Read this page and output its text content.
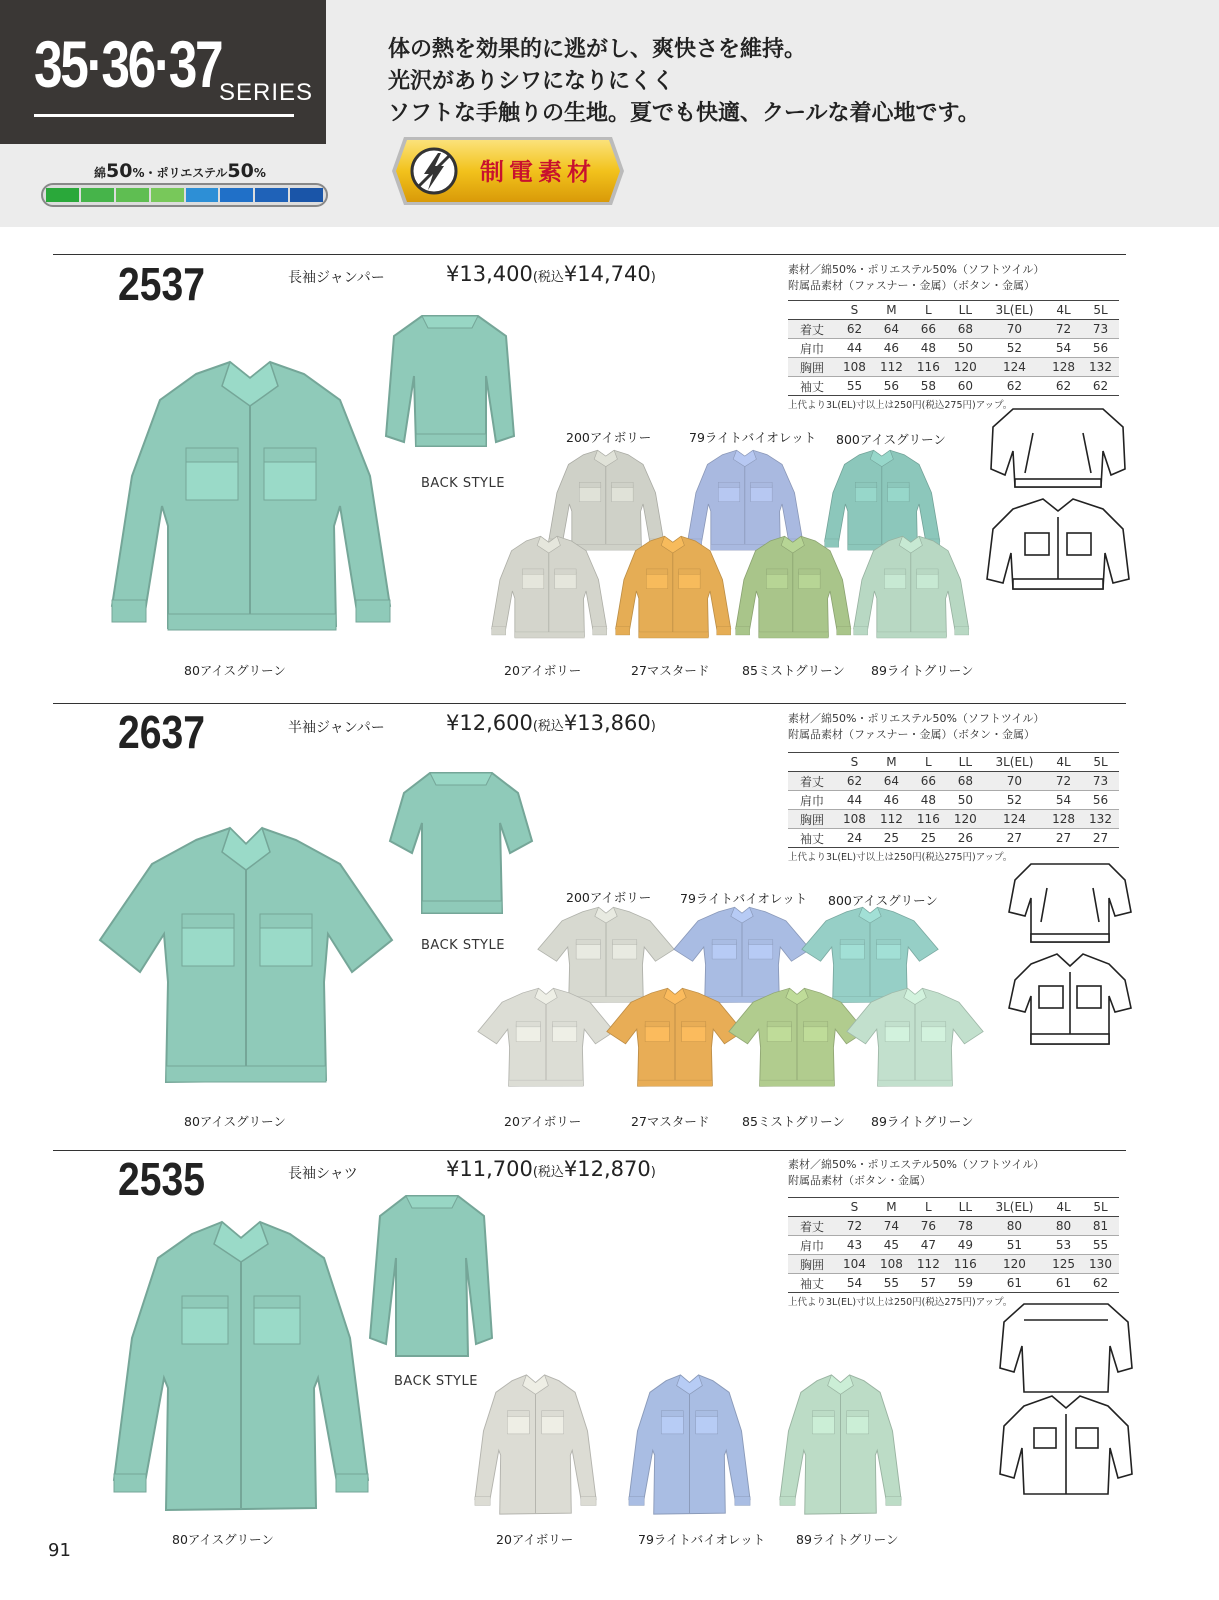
35·36·37
SERIES
綿50%・ポリエステル50%
体の熱を効果的に逃がし、爽快さを維持。
光沢がありシワになりにくく
ソフトな手触りの生地。夏でも快適、クールな着心地です。
制電素材
2537	長袖ジャンパー	¥13,400(税込¥14,740)
素材／綿50%・ポリエステル50%（ソフトツイル）
附属品素材（ファスナー・金属）（ボタン・金属）
	S	M	L	LL	3L(EL)	4L	5L
着丈	62	64	66	68	70	72	73
肩巾	44	46	48	50	52	54	56
胸囲	108	112	116	120	124	128	132
袖丈	55	56	58	60	62	62	62
上代より3L(EL)寸以上は250円(税込275円)アップ。
80アイスグリーン
BACK STYLE
200アイボリー	79ライトバイオレット 800アイスグリーン
20アイボリー	27マスタード	85ミストグリーン 89ライトグリーン
2637	半袖ジャンパー	¥12,600(税込¥13,860)
素材／綿50%・ポリエステル50%（ソフトツイル）
附属品素材（ファスナー・金属）（ボタン・金属）
	S	M	L	LL	3L(EL)	4L	5L
着丈	62	64	66	68	70	72	73
肩巾	44	46	48	50	52	54	56
胸囲	108	112	116	120	124	128	132
袖丈	24	25	25	26	27	27	27
上代より3L(EL)寸以上は250円(税込275円)アップ。
80アイスグリーン
BACK STYLE
200アイボリー 79ライトバイオレット 800アイスグリーン
20アイボリー	27マスタード	85ミストグリーン 89ライトグリーン
2535	長袖シャツ	¥11,700(税込¥12,870)
素材／綿50%・ポリエステル50%（ソフトツイル）
附属品素材（ボタン・金属）
	S	M	L	LL	3L(EL)	4L	5L
着丈	72	74	76	78	80	80	81
肩巾	43	45	47	49	51	53	55
胸囲	104	108	112	116	120	125	130
袖丈	54	55	57	59	61	61	62
上代より3L(EL)寸以上は250円(税込275円)アップ。
80アイスグリーン
BACK STYLE
20アイボリー	79ライトバイオレット 89ライトグリーン
91
